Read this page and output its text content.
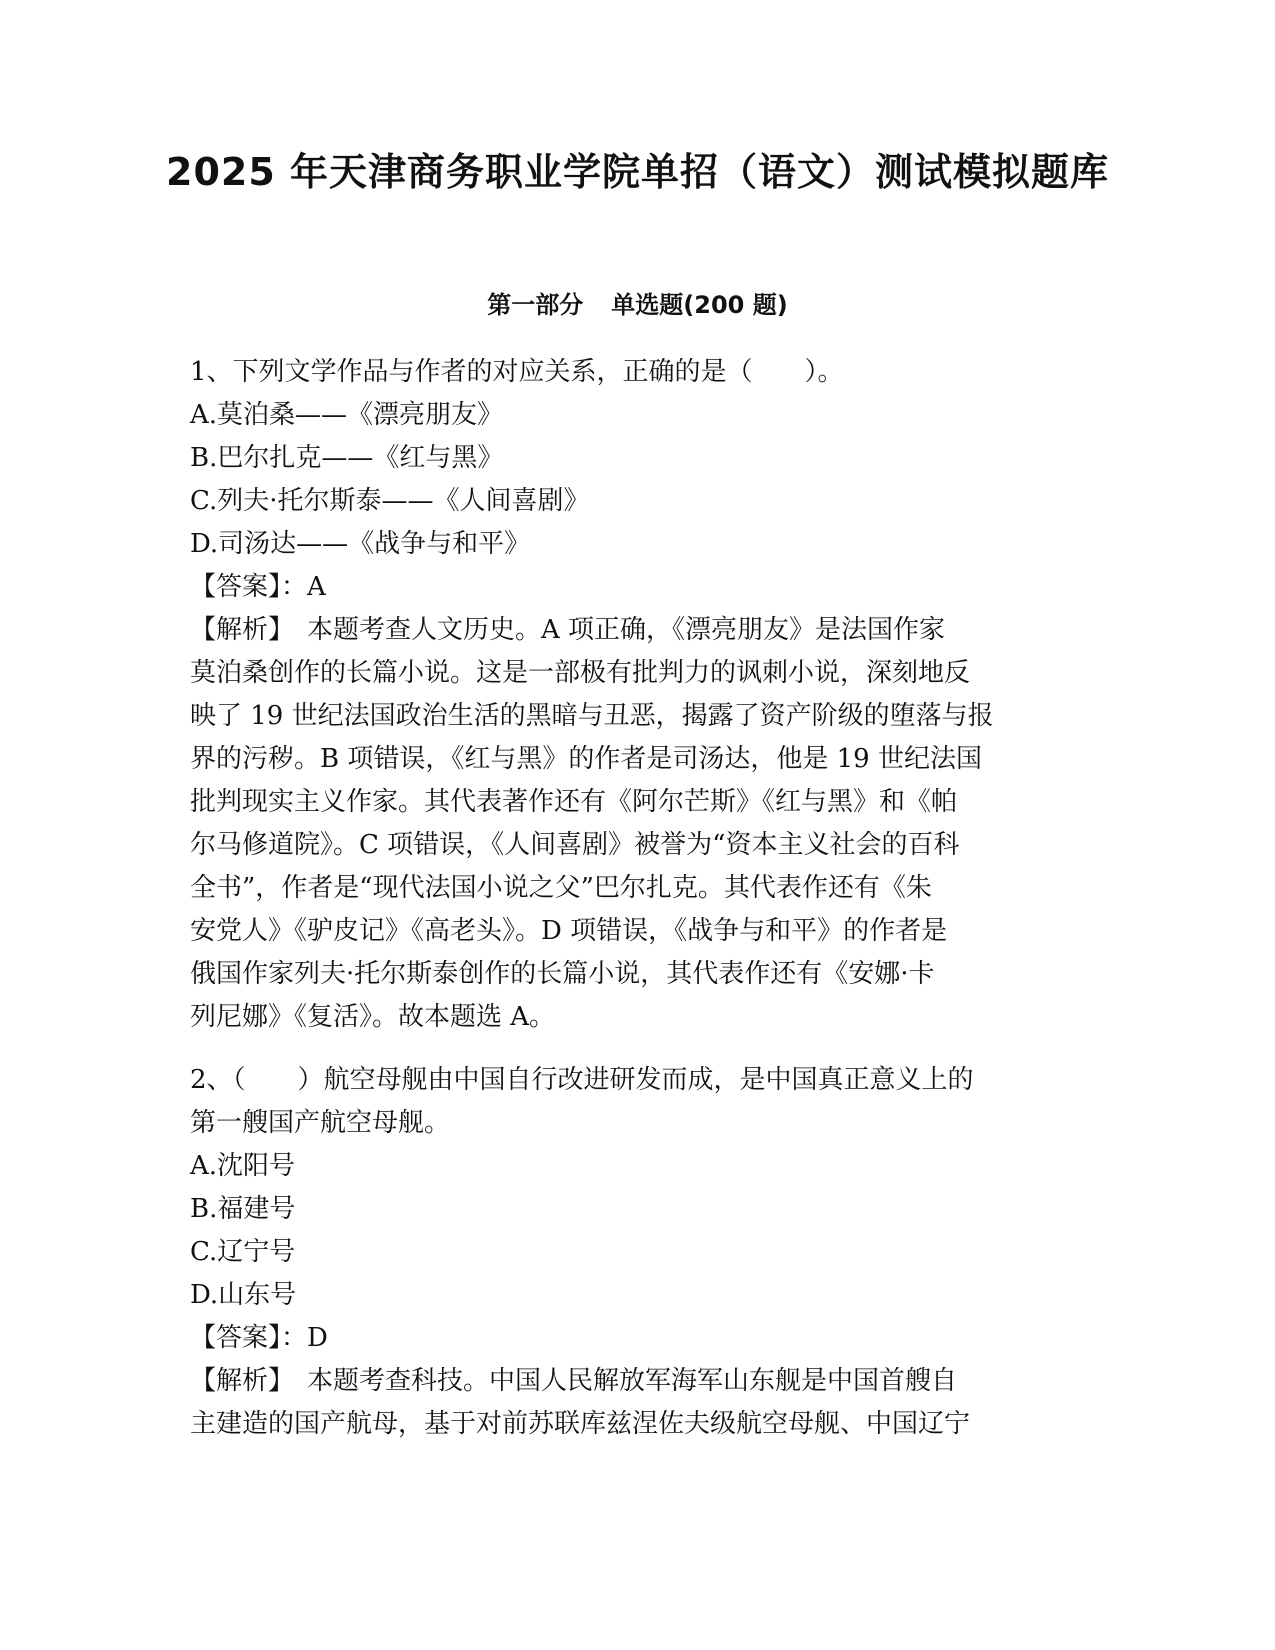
2025 年天津商务职业学院单招（语文）测试模拟题库
第一部分 单选题(200 题)
1、下列文学作品与作者的对应关系，正确的是（　　）。
A.莫泊桑——《漂亮朋友》
B.巴尔扎克——《红与黑》
C.列夫·托尔斯泰——《人间喜剧》
D.司汤达——《战争与和平》
【答案】：A
【解析】　本题考查人文历史。A 项正确，《漂亮朋友》是法国作家
莫泊桑创作的长篇小说。这是一部极有批判力的讽刺小说，深刻地反
映了 19 世纪法国政治生活的黑暗与丑恶，揭露了资产阶级的堕落与报
界的污秽。B 项错误，《红与黑》的作者是司汤达，他是 19 世纪法国
批判现实主义作家。其代表著作还有《阿尔芒斯》《红与黑》和《帕
尔马修道院》。C 项错误，《人间喜剧》被誉为“资本主义社会的百科
全书”，作者是“现代法国小说之父”巴尔扎克。其代表作还有《朱
安党人》《驴皮记》《高老头》。D 项错误，《战争与和平》的作者是
俄国作家列夫·托尔斯泰创作的长篇小说，其代表作还有《安娜·卡
列尼娜》《复活》。故本题选 A。
2、（　　）航空母舰由中国自行改进研发而成，是中国真正意义上的
第一艘国产航空母舰。
A.沈阳号
B.福建号
C.辽宁号
D.山东号
【答案】：D
【解析】　本题考查科技。中国人民解放军海军山东舰是中国首艘自
主建造的国产航母，基于对前苏联库兹涅佐夫级航空母舰、中国辽宁
